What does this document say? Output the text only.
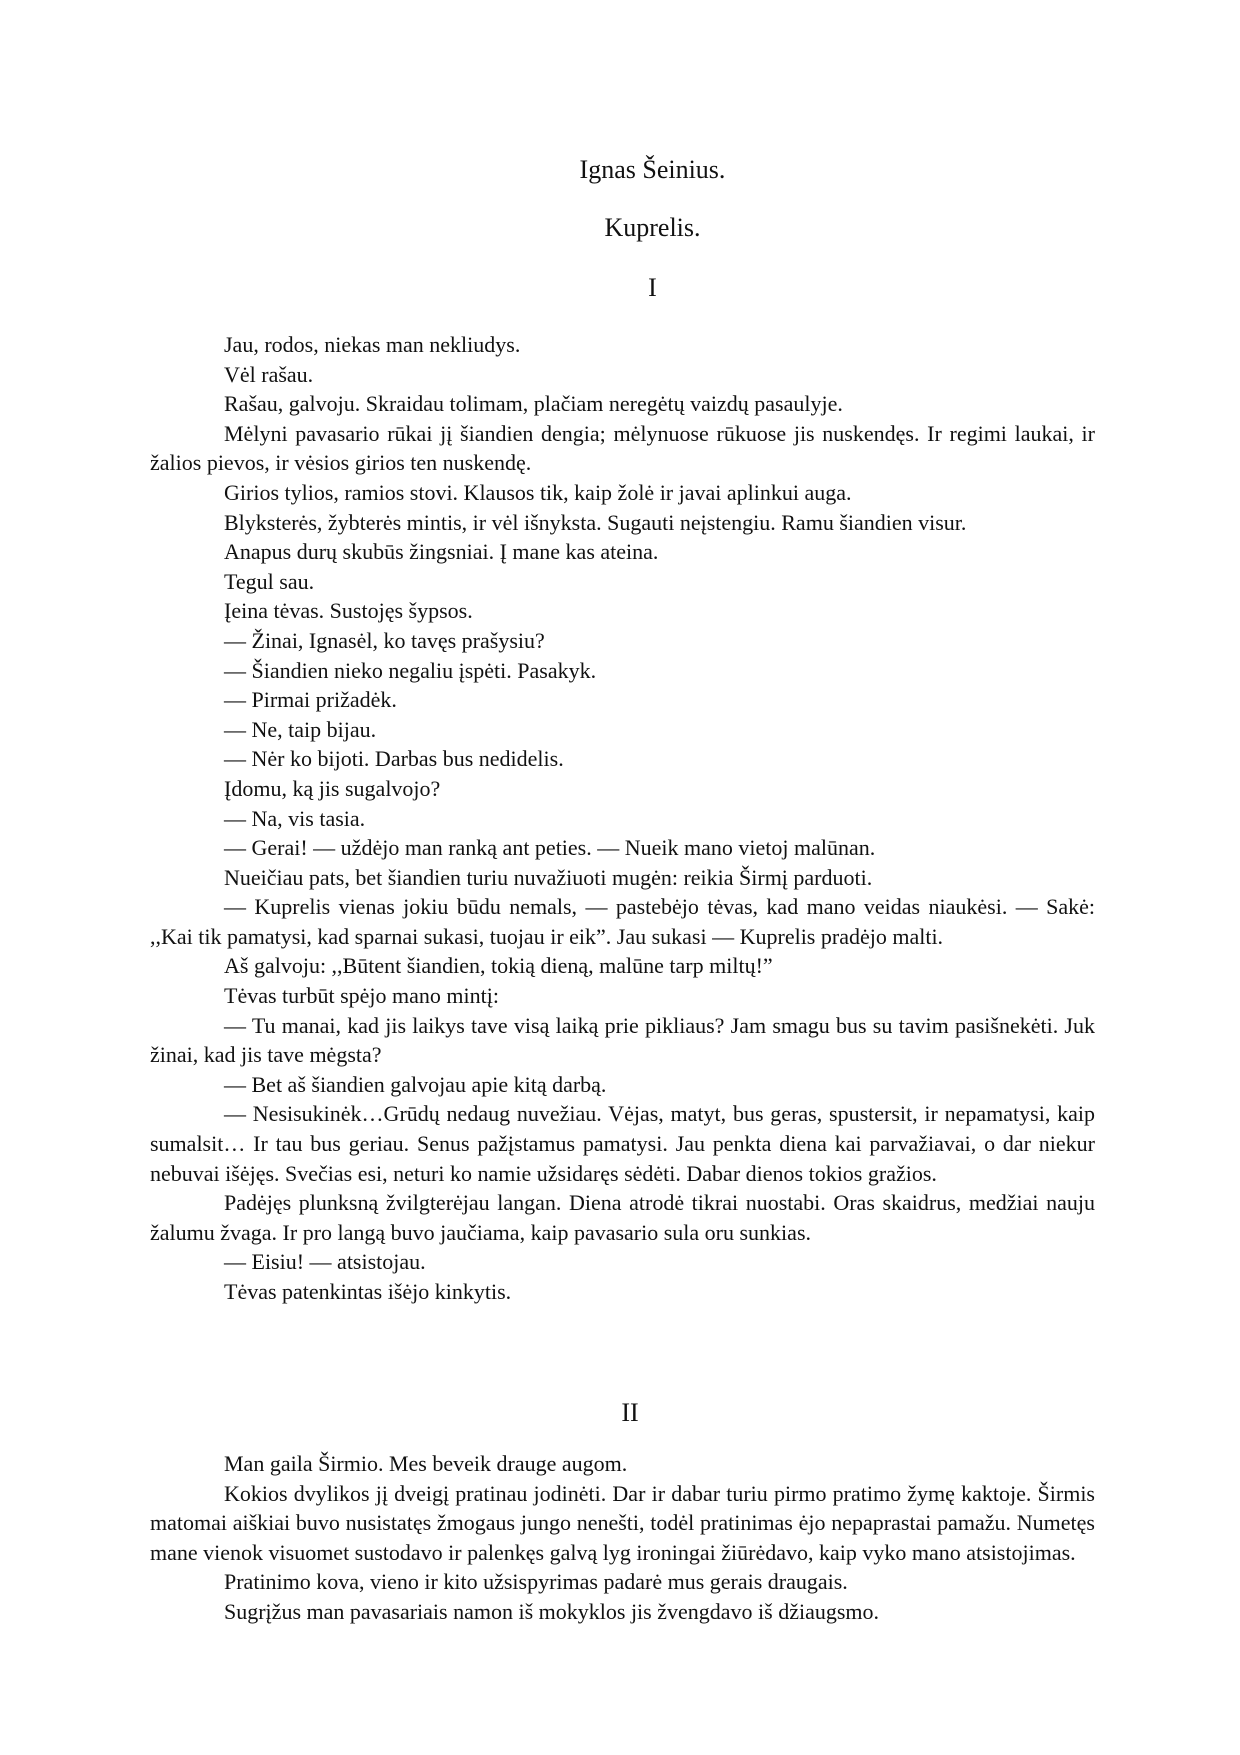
Ignas Šeinius.
Kuprelis.
I

Jau, rodos, niekas man nekliudys.

Vėl rašau.

Rašau, galvoju. Skraidau tolimam, plačiam neregėtų vaizdų pasaulyje.

Mėlyni pavasario rūkai jį šiandien dengia; mėlynuose rūkuose jis nuskendęs. Ir regimi laukai, ir žalios pievos, ir vėsios girios ten nuskendę.

Girios tylios, ramios stovi. Klausos tik, kaip žolė ir javai aplinkui auga.

Blyksterės, žybterės mintis, ir vėl išnyksta. Sugauti neįstengiu. Ramu šiandien visur.

Anapus durų skubūs žingsniai. Į mane kas ateina.

Tegul sau.

Įeina tėvas. Sustojęs šypsos.

— Žinai, Ignasėl, ko tavęs prašysiu?

— Šiandien nieko negaliu įspėti. Pasakyk.

— Pirmai prižadėk.

— Ne, taip bijau.

— Nėr ko bijoti. Darbas bus nedidelis.

Įdomu, ką jis sugalvojo?

— Na, vis tasia.

— Gerai! — uždėjo man ranką ant peties. — Nueik mano vietoj malūnan.

Nueičiau pats, bet šiandien turiu nuvažiuoti mugėn: reikia Širmį parduoti.

— Kuprelis vienas jokiu būdu nemals, — pastebėjo tėvas, kad mano veidas niaukėsi. — Sakė: ,,Kai tik pamatysi, kad sparnai sukasi, tuojau ir eik”. Jau sukasi — Kuprelis pradėjo malti.

Aš galvoju: ,,Būtent šiandien, tokią dieną, malūne tarp miltų!”

Tėvas turbūt spėjo mano mintį:

— Tu manai, kad jis laikys tave visą laiką prie pikliaus? Jam smagu bus su tavim pasišnekėti. Juk žinai, kad jis tave mėgsta?

— Bet aš šiandien galvojau apie kitą darbą.

— Nesisukinėk…Grūdų nedaug nuvežiau. Vėjas, matyt, bus geras, spustersit, ir nepamatysi, kaip sumalsit… Ir tau bus geriau. Senus pažįstamus pamatysi. Jau penkta diena kai parvažiavai, o dar niekur nebuvai išėjęs. Svečias esi, neturi ko namie užsidaręs sėdėti. Dabar dienos tokios gražios.

Padėjęs plunksną žvilgterėjau langan. Diena atrodė tikrai nuostabi. Oras skaidrus, medžiai nauju žalumu žvaga. Ir pro langą buvo jaučiama, kaip pavasario sula oru sunkias.

— Eisiu! — atsistojau.

Tėvas patenkintas išėjo kinkytis.

II

Man gaila Širmio. Mes beveik drauge augom.

Kokios dvylikos jį dveigį pratinau jodinėti. Dar ir dabar turiu pirmo pratimo žymę kaktoje. Širmis matomai aiškiai buvo nusistatęs žmogaus jungo nenešti, todėl pratinimas ėjo nepaprastai pamažu. Numetęs mane vienok visuomet sustodavo ir palenkęs galvą lyg ironingai žiūrėdavo, kaip vyko mano atsistojimas.

Pratinimo kova, vieno ir kito užsispyrimas padarė mus gerais draugais.

Sugrįžus man pavasariais namon iš mokyklos jis žvengdavo iš džiaugsmo.
